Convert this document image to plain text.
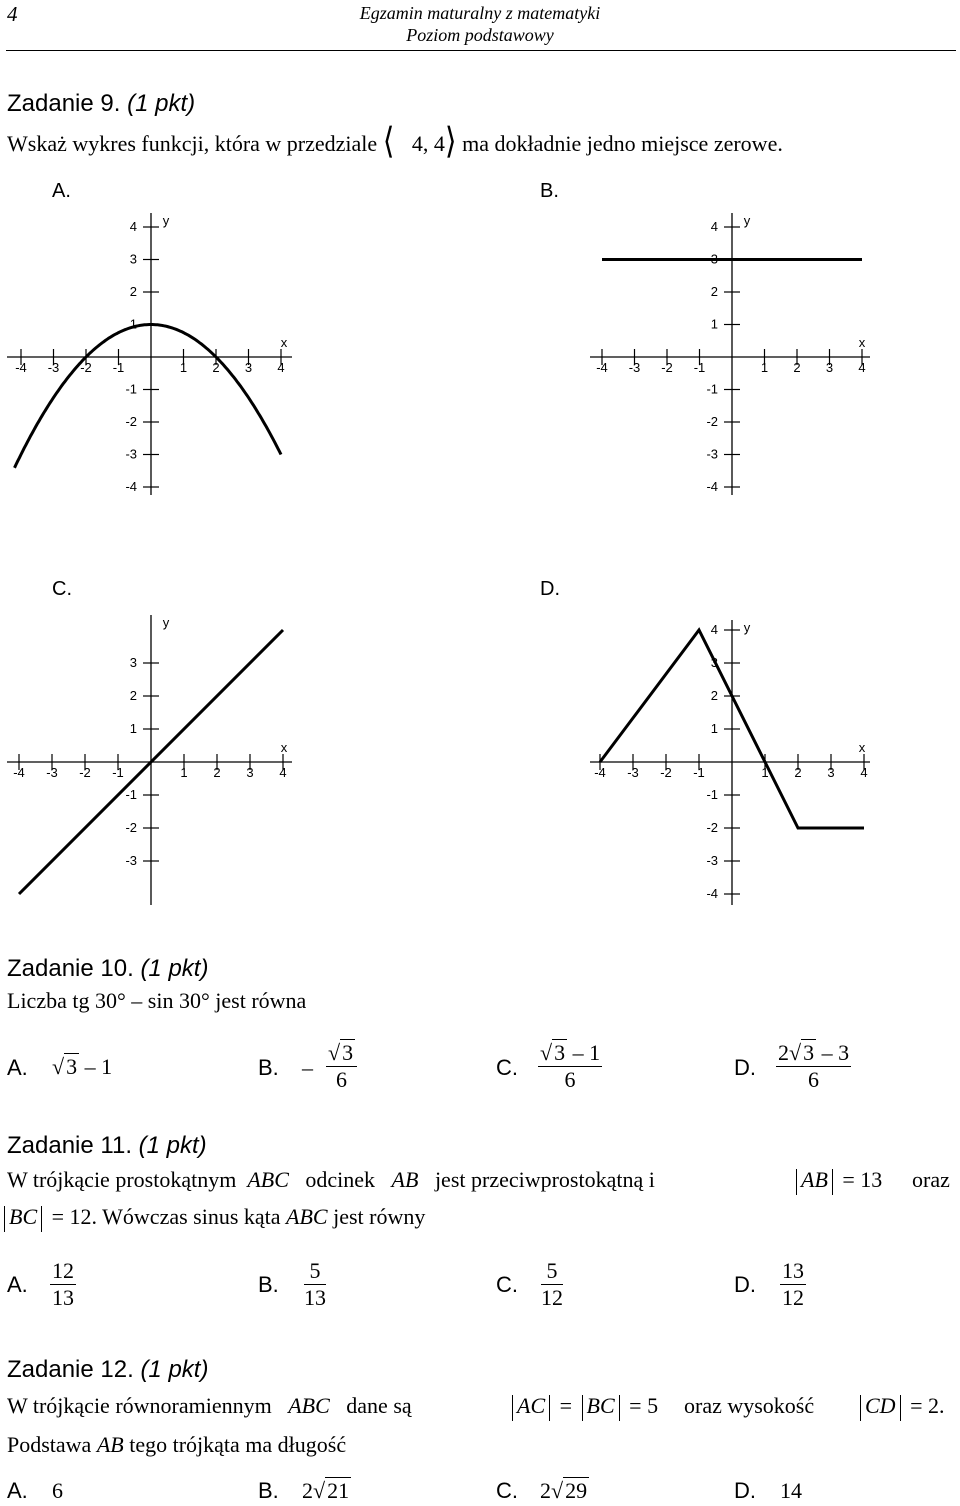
4	Egzamin maturalny z matematyki
Poziom podstawowy
Zadanie 9. (1 pkt)
Wskaż wykres funkcji, która w przedziale ⟨ 4, 4⟩ ma dokładnie jedno miejsce zerowe.
A.	B.
C.	D.
-4 -3 -2 -1	1 2 3 4
1
2
3
4
-1
-2
-3
-4
x
y
-4 -3 -2 -1	1 2 3 4
1
2
3
4
-1
-2
-3
-4
x
y
-4 -3 -2 -1	1 2 3 4
1
2
3
-1
-2
-3
x
y
-4 -3 -2 -1	1 2 3 4
1
2
3
4
-1
-2
-3
-4
x
y
Zadanie 10. (1 pkt)
Liczba tg 30° – sin 30° jest równa
A. √3 – 1	B. – $\frac{√3}{6}$	C. $\frac{√3 - 1}{6}$	D. $\frac{2√3 - 3}{6}$
Zadanie 11. (1 pkt)
W trójkącie prostokątnym ABC odcinek AB jest przeciwprostokątną i	AB = 13 oraz
BC = 12. Wówczas sinus kąta ABC jest równy
A. $\frac{12}{13}$	B. $\frac{5}{13}$	C. $\frac{5}{12}$	D. $\frac{13}{12}$
Zadanie 12. (1 pkt)
W trójkącie równoramiennym ABC dane są	AC = BC = 5 oraz wysokość	CD = 2.
Podstawa AB tego trójkąta ma długość
A. 6	B. 2√21	C. 2√29	D. 14
